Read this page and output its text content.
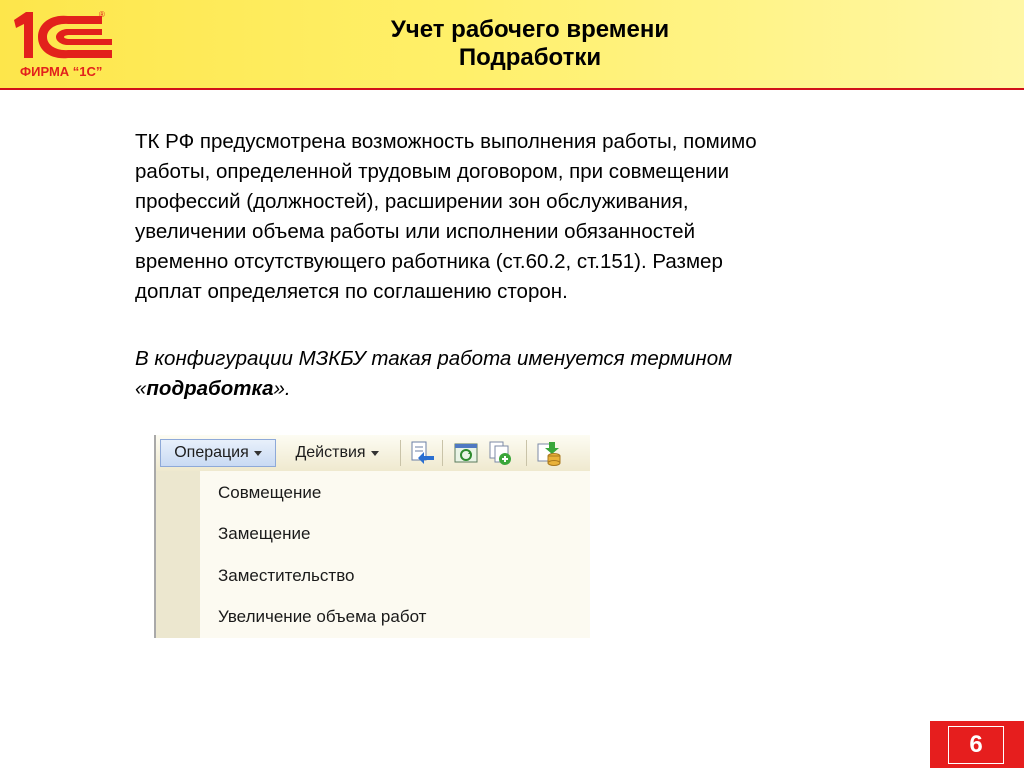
®
ФИРМА “1С”
Учет рабочего времени
Подработки

ТК РФ предусмотрена возможность выполнения работы, помимо

работы, определенной трудовым договором, при совмещении

профессий (должностей), расширении зон обслуживания,

увеличении объема работы или исполнении обязанностей

временно отсутствующего работника (ст.60.2, ст.151). Размер

доплат определяется по соглашению сторон.

В конфигурации МЗКБУ такая работа именуется термином
«подработка».
Операция	Действия
Совмещение
Замещение
Заместительство
Увеличение объема работ
6
